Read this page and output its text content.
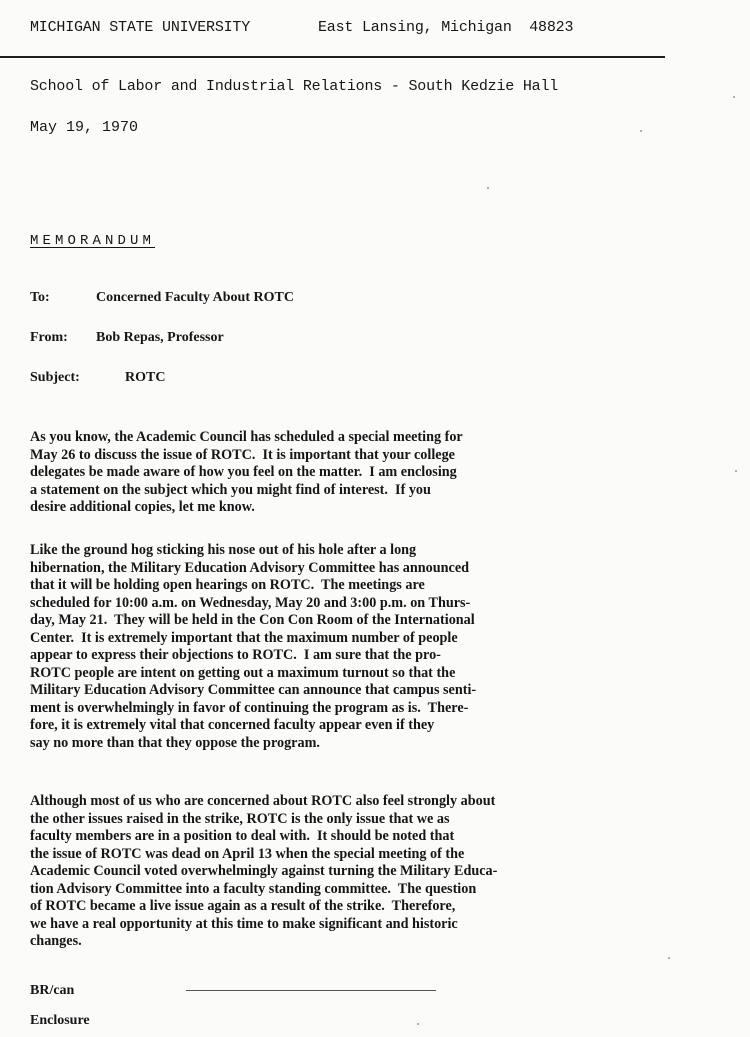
MICHIGAN STATE UNIVERSITY	East Lansing, Michigan  48823
School of Labor and Industrial Relations - South Kedzie Hall
May 19, 1970
MEMORANDUM
To:	Concerned Faculty About ROTC
From: Bob Repas, Professor
Subject:	ROTC
As you know, the Academic Council has scheduled a special meeting for
May 26 to discuss the issue of ROTC.  It is important that your college
delegates be made aware of how you feel on the matter.  I am enclosing
a statement on the subject which you might find of interest.  If you
desire additional copies, let me know.
Like the ground hog sticking his nose out of his hole after a long
hibernation, the Military Education Advisory Committee has announced
that it will be holding open hearings on ROTC.  The meetings are
scheduled for 10:00 a.m. on Wednesday, May 20 and 3:00 p.m. on Thurs-
day, May 21.  They will be held in the Con Con Room of the International
Center.  It is extremely important that the maximum number of people
appear to express their objections to ROTC.  I am sure that the pro-
ROTC people are intent on getting out a maximum turnout so that the
Military Education Advisory Committee can announce that campus senti-
ment is overwhelmingly in favor of continuing the program as is.  There-
fore, it is extremely vital that concerned faculty appear even if they
say no more than that they oppose the program.
Although most of us who are concerned about ROTC also feel strongly about
the other issues raised in the strike, ROTC is the only issue that we as
faculty members are in a position to deal with.  It should be noted that
the issue of ROTC was dead on April 13 when the special meeting of the
Academic Council voted overwhelmingly against turning the Military Educa-
tion Advisory Committee into a faculty standing committee.  The question
of ROTC became a live issue again as a result of the strike.  Therefore,
we have a real opportunity at this time to make significant and historic
changes.
BR/can
Enclosure
